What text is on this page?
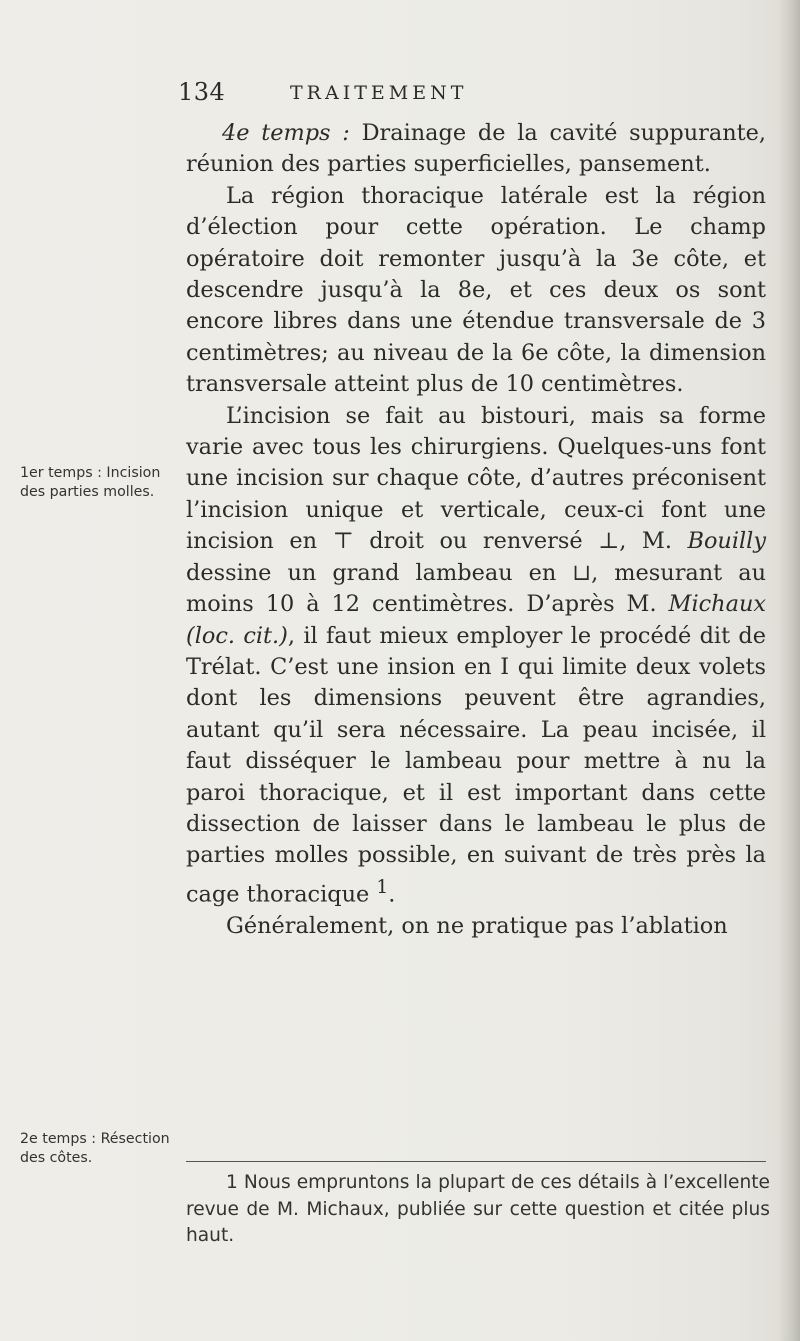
134	TRAITEMENT
1er temps : Incision des parties molles.
2e temps : Résection des côtes.

4e temps : Drainage de la cavité suppurante, réunion des parties superficielles, pansement.

La région thoracique latérale est la région d’élection pour cette opération. Le champ opératoire doit remonter jusqu’à la 3e côte, et descendre jusqu’à la 8e, et ces deux os sont encore libres dans une étendue transversale de 3 centimètres; au niveau de la 6e côte, la dimension transversale atteint plus de 10 centimètres.

L’incision se fait au bistouri, mais sa forme varie avec tous les chirurgiens. Quelques-uns font une incision sur chaque côte, d’autres préconisent l’incision unique et verticale, ceux-ci font une incision en ⊤ droit ou renversé ⊥, M. Bouilly dessine un grand lambeau en ⊔, mesurant au moins 10 à 12 centimètres. D’après M. Michaux (loc. cit.), il faut mieux employer le procédé dit de Trélat. C’est une insion en I qui limite deux volets dont les dimensions peuvent être agrandies, autant qu’il sera nécessaire. La peau incisée, il faut disséquer le lambeau pour mettre à nu la paroi thoracique, et il est important dans cette dissection de laisser dans le lambeau le plus de parties molles possible, en suivant de très près la cage thoracique $^1$.

Généralement, on ne pratique pas l’ablation

1 Nous empruntons la plupart de ces détails à l’excellente revue de M. Michaux, publiée sur cette question et citée plus haut.
